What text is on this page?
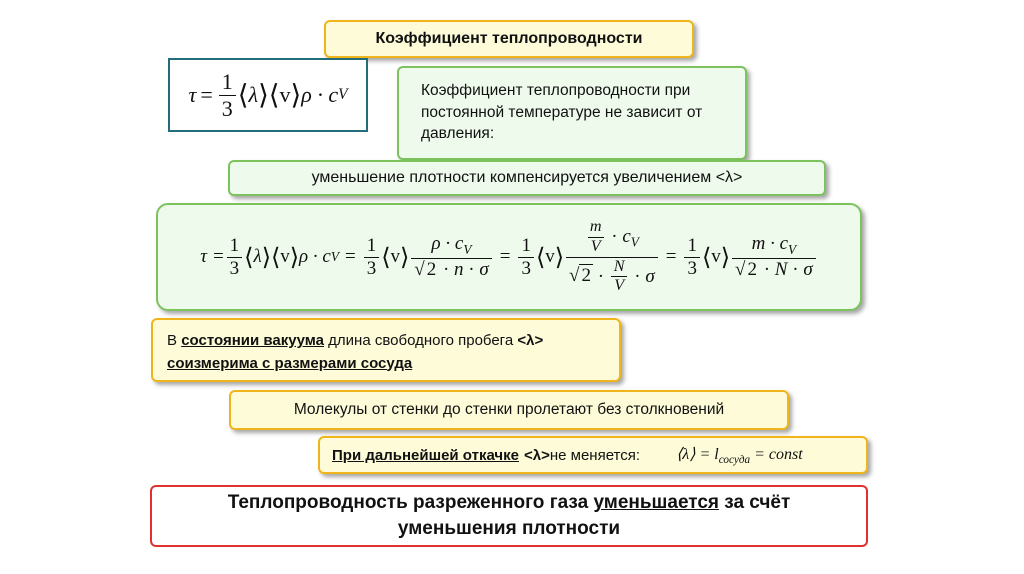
Коэффициент теплопроводности
$\tau = \frac{1}{3}$ ⟨ λ ⟩ ⟨ v ⟩ ρ · c V	Коэффициент теплопроводности при постоянной температуре не зависит от давления:
уменьшение плотности компенсируется увеличением <λ>
$\tau = \frac{1}{3}$ ⟨ λ ⟩ ⟨ v ⟩ ρ · c $V = \frac{1}{3}$ ⟨ v ⟩ $\frac{\rho \cdot c_V}{√ 2 \cdot n \cdot \sigma} = \frac{1}{3}$ ⟨ v ⟩ $\frac{\frac{m}{V} \cdot c_V}{√ 2 \cdot \frac{N}{V} \cdot \sigma} = \frac{1}{3}$ ⟨ v ⟩ $\frac{m \cdot c_V}{√ 2 \cdot N \cdot \sigma}$
В состоянии вакуума длина свободного пробега <λ>
соизмерима с размерами сосуда
Молекулы от стенки до стенки пролетают без столкновений
При дальнейшей откачке <λ> не меняется: ⟨λ⟩ = $l_{сосуда}$ = const
Теплопроводность разреженного газа уменьшается за счёт
уменьшения плотности
